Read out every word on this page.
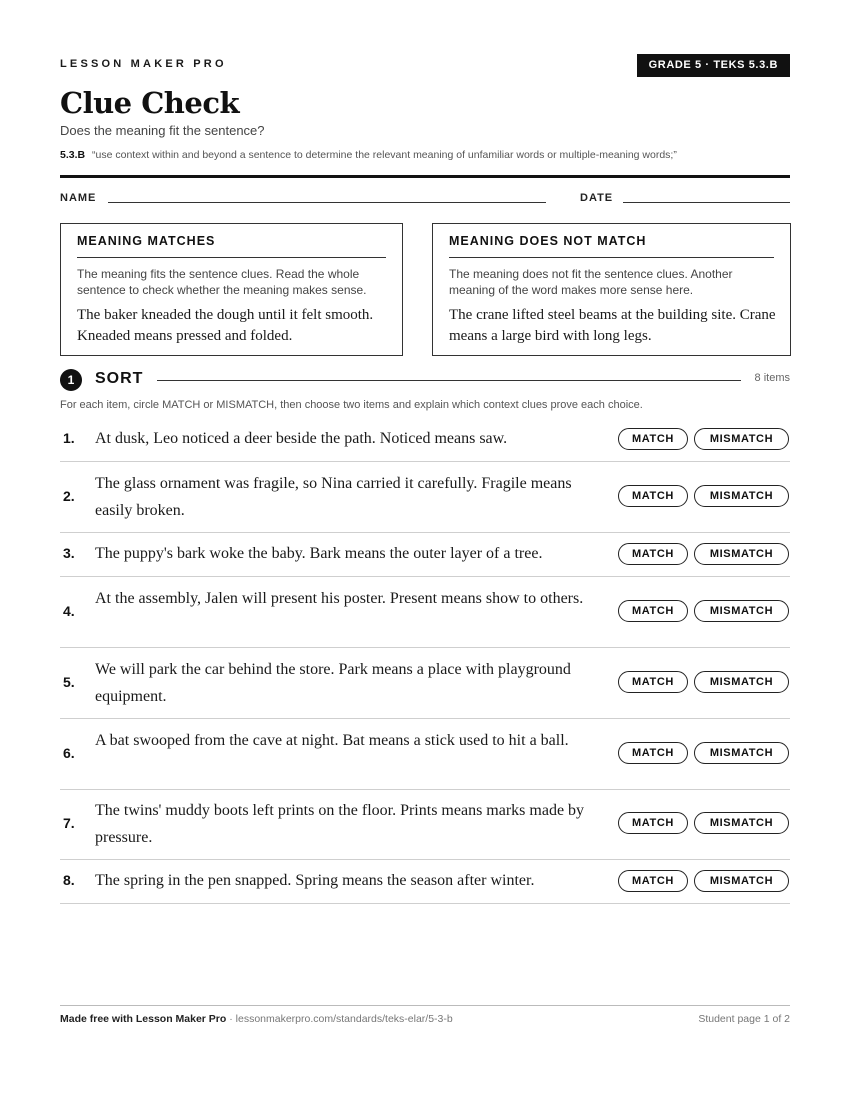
LESSON MAKER PRO	GRADE 5 · TEKS 5.3.B
Clue Check
Does the meaning fit the sentence?
5.3.B “use context within and beyond a sentence to determine the relevant meaning of unfamiliar words or multiple-meaning words;”
NAME	DATE
MEANING MATCHES
The meaning fits the sentence clues. Read the whole sentence to check whether the meaning makes sense.
The baker kneaded the dough until it felt smooth. Kneaded means pressed and folded.
MEANING DOES NOT MATCH
The meaning does not fit the sentence clues. Another meaning of the word makes more sense here.
The crane lifted steel beams at the building site. Crane means a large bird with long legs.
1	SORT	8 items
For each item, circle MATCH or MISMATCH, then choose two items and explain which context clues prove each choice.
1. At dusk, Leo noticed a deer beside the path. Noticed means saw.	MATCH	MISMATCH
2.
The glass ornament was fragile, so Nina carried it carefully. Fragile means easily broken.
MATCH	MISMATCH
3. The puppy's bark woke the baby. Bark means the outer layer of a tree.	MATCH	MISMATCH
4.
At the assembly, Jalen will present his poster. Present means show to others.
MATCH	MISMATCH
5.
We will park the car behind the store. Park means a place with playground equipment.
MATCH	MISMATCH
6.
A bat swooped from the cave at night. Bat means a stick used to hit a ball.
MATCH	MISMATCH
7.
The twins' muddy boots left prints on the floor. Prints means marks made by pressure.
MATCH	MISMATCH
8. The spring in the pen snapped. Spring means the season after winter.	MATCH	MISMATCH
Made free with Lesson Maker Pro · lessonmakerpro.com/standards/teks-elar/5-3-b	Student page 1 of 2
